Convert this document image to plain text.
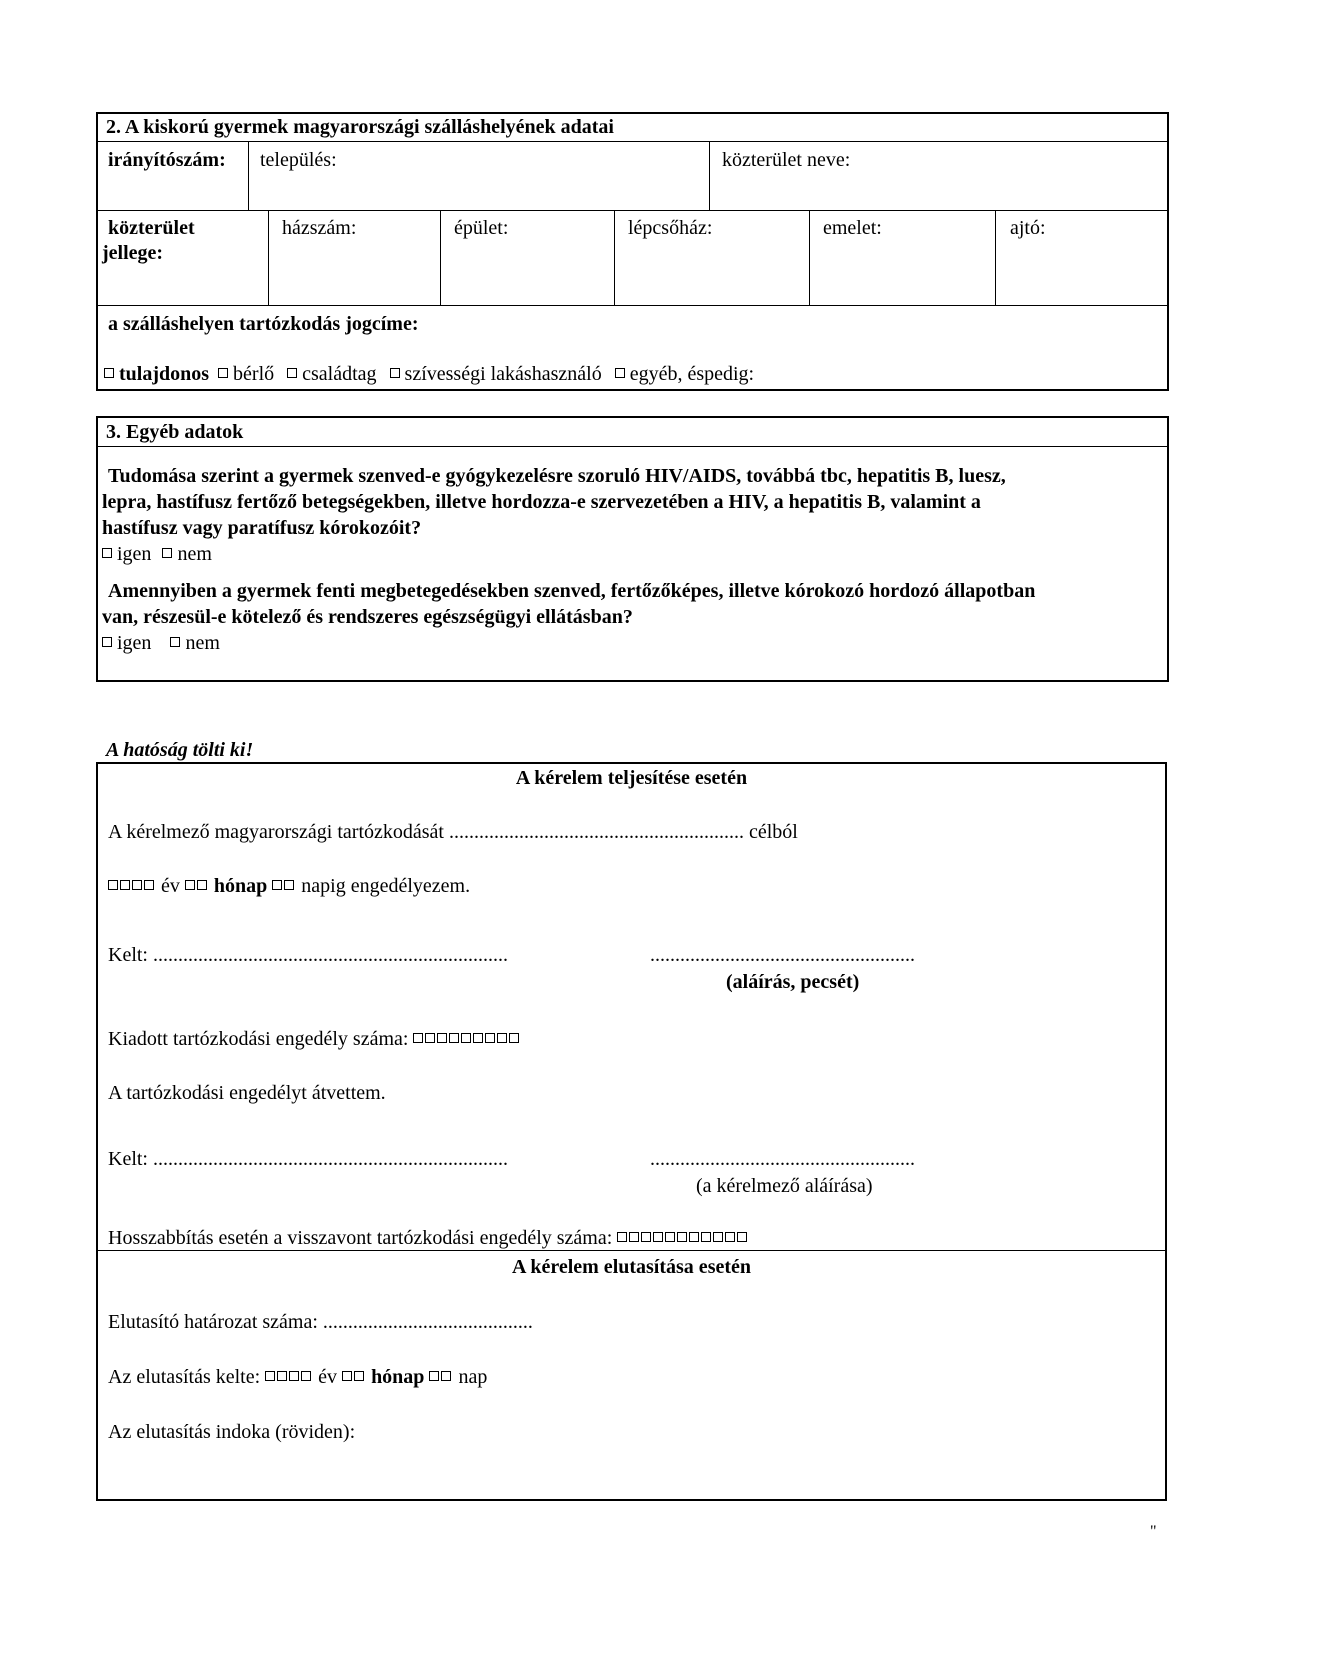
2. A kiskorú gyermek magyarországi szálláshelyének adatai
irányítószám: település:	közterület neve:
közterület
jellege:
házszám:	épület:	lépcsőház:	emelet:	ajtó:
a szálláshelyen tartózkodás jogcíme:
tulajdonos bérlő családtag szívességi lakáshasználó egyéb, éspedig:
3. Egyéb adatok
Tudomása szerint a gyermek szenved-e gyógykezelésre szoruló HIV/AIDS, továbbá tbc, hepatitis B, luesz,
lepra, hastífusz fertőző betegségekben, illetve hordozza-e szervezetében a HIV, a hepatitis B, valamint a
hastífusz vagy paratífusz kórokozóit?
igen nem
Amennyiben a gyermek fenti megbetegedésekben szenved, fertőzőképes, illetve kórokozó hordozó állapotban
van, részesül-e kötelező és rendszeres egészségügyi ellátásban?
igen nem
A hatóság tölti ki!
A kérelem teljesítése esetén
A kérelmező magyarországi tartózkodását ........................................................... célból
év hónap napig engedélyezem.
Kelt: .......................................................................	.....................................................
(aláírás, pecsét)
Kiadott tartózkodási engedély száma:
A tartózkodási engedélyt átvettem.
Kelt: .......................................................................	.....................................................
(a kérelmező aláírása)
Hosszabbítás esetén a visszavont tartózkodási engedély száma:
A kérelem elutasítása esetén
Elutasító határozat száma: ..........................................
Az elutasítás kelte:	év hónap nap
Az elutasítás indoka (röviden):
"
